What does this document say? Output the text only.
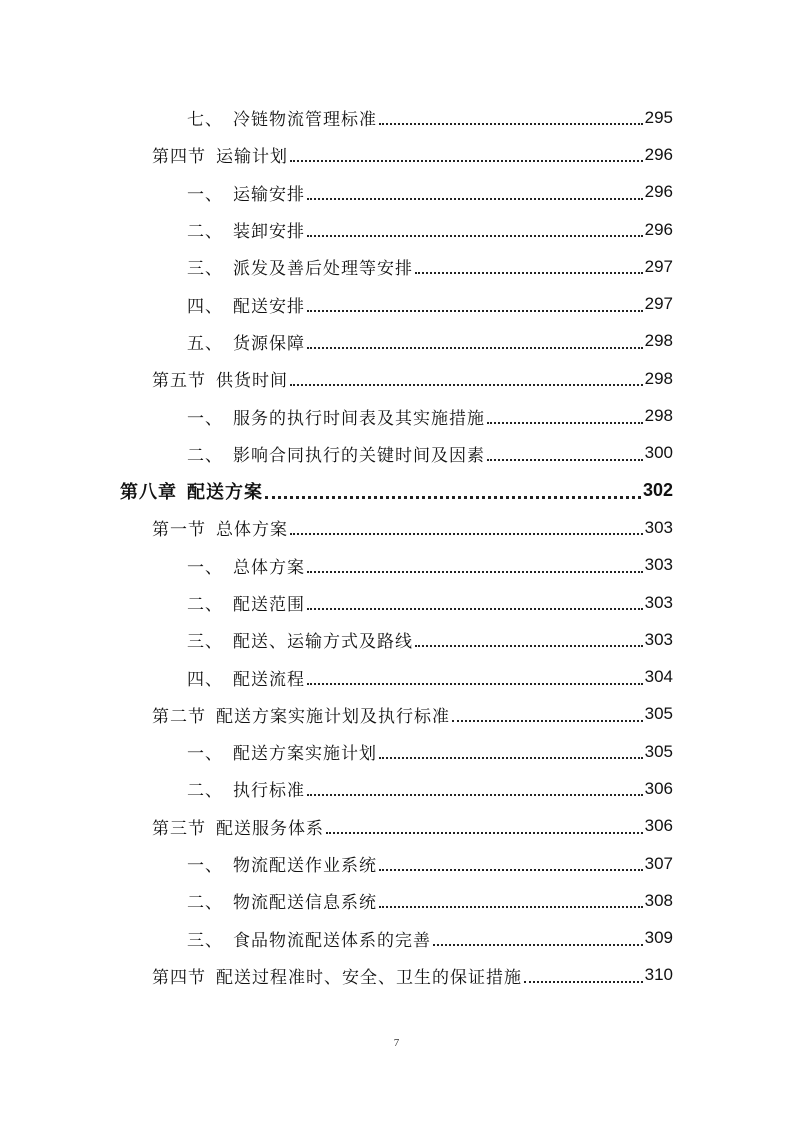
七、 冷链物流管理标准	295
第四节 运输计划	296
一、 运输安排	296
二、 装卸安排	296
三、 派发及善后处理等安排	297
四、 配送安排	297
五、 货源保障	298
第五节 供货时间	298
一、 服务的执行时间表及其实施措施	298
二、 影响合同执行的关键时间及因素	300
第八章 配送方案	302
第一节 总体方案	303
一、 总体方案	303
二、 配送范围	303
三、 配送、运输方式及路线	303
四、 配送流程	304
第二节 配送方案实施计划及执行标准	305
一、 配送方案实施计划	305
二、 执行标准	306
第三节 配送服务体系	306
一、 物流配送作业系统	307
二、 物流配送信息系统	308
三、 食品物流配送体系的完善	309
第四节 配送过程准时、安全、卫生的保证措施	310
7
